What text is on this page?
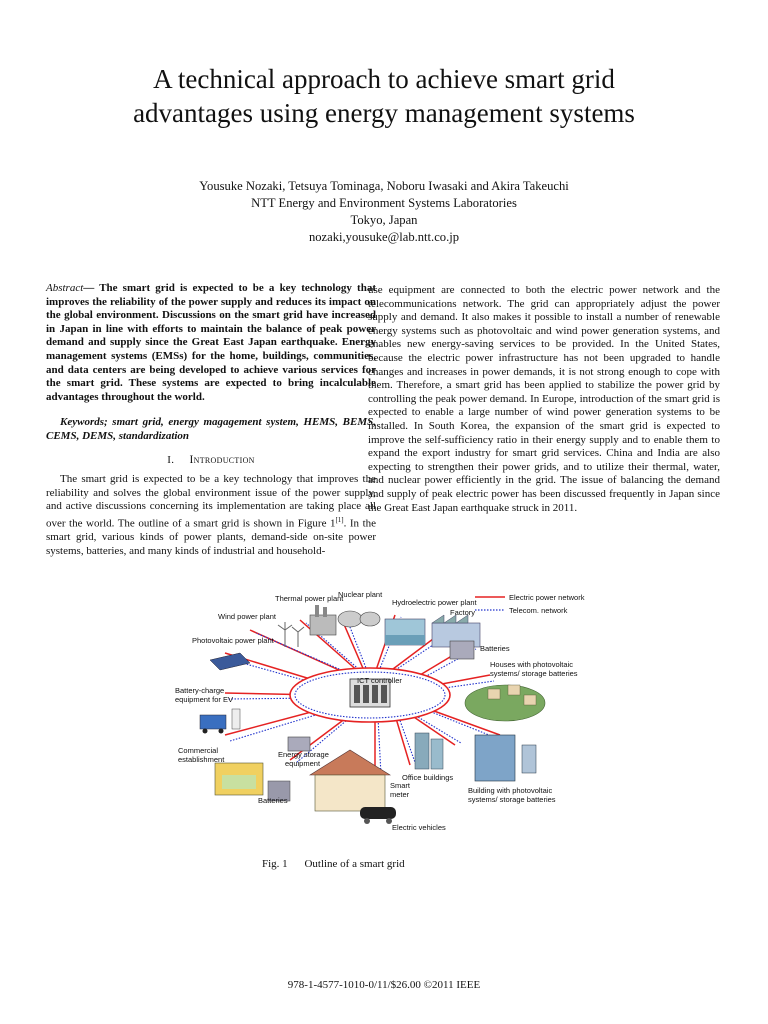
A technical approach to achieve smart grid
advantages using energy management systems
Yousuke Nozaki, Tetsuya Tominaga, Noboru Iwasaki and Akira Takeuchi
NTT Energy and Environment Systems Laboratories
Tokyo, Japan
nozaki,yousuke@lab.ntt.co.jp

Abstract— The smart grid is expected to be a key technology that improves the reliability of the power supply and reduces its impact on the global environment. Discussions on the smart grid have increased in Japan in line with efforts to maintain the balance of peak power demand and supply since the Great East Japan earthquake. Energy management systems (EMSs) for the home, buildings, communities, and data centers are being developed to achieve various services for the smart grid. These systems are expected to bring incalculable advantages throughout the world.

Keywords; smart grid, energy magagement system, HEMS, BEMS, CEMS, DEMS, standardization

I. Introduction

The smart grid is expected to be a key technology that improves the reliability and solves the global environment issue of the power supply, and active discussions concerning its implementation are taking place all over the world. The outline of a smart grid is shown in Figure 1[1]. In the smart grid, various kinds of power plants, demand-side on-site power systems, batteries, and many kinds of industrial and household-

use equipment are connected to both the electric power network and the telecommunications network. The grid can appropriately adjust the power supply and demand. It also makes it possible to install a number of renewable energy systems such as photovoltaic and wind power generation systems, and enables new energy-saving services to be provided. In the United States, because the electric power infrastructure has not been upgraded to handle changes and increases in power demands, it is not strong enough to cope with them. Therefore, a smart grid has been applied to stabilize the power grid by controlling the peak power demand. In Europe, introduction of the smart grid is expected to enable a large number of wind power generation systems to be installed. In South Korea, the expansion of the smart grid is expected to improve the self-sufficiency ratio in their energy supply and to enable them to expand the export industry for smart grid services. China and India are also expecting to strengthen their power grids, and to utilize their thermal, water, and nuclear power efficiently in the grid. The issue of balancing the demand and supply of peak electric power has been discussed frequently in Japan since the Great East Japan earthquake struck in 2011.

Electric power network
Telecom. network
ICT controller
Wind power plant
Thermal power plant
Nuclear plant
Hydroelectric power plant
Factory
Photovoltaic power plant
Batteries
Houses with photovoltaic
systems/ storage batteries
Battery-charge
equipment for EV
Commercial
establishment
Energy storage
equipment
Batteries
Smart
meter
Electric vehicles
Office buildings
Building with photovoltaic
systems/ storage batteries
Fig. 1 Outline of a smart grid
978-1-4577-1010-0/11/$26.00 ©2011 IEEE
